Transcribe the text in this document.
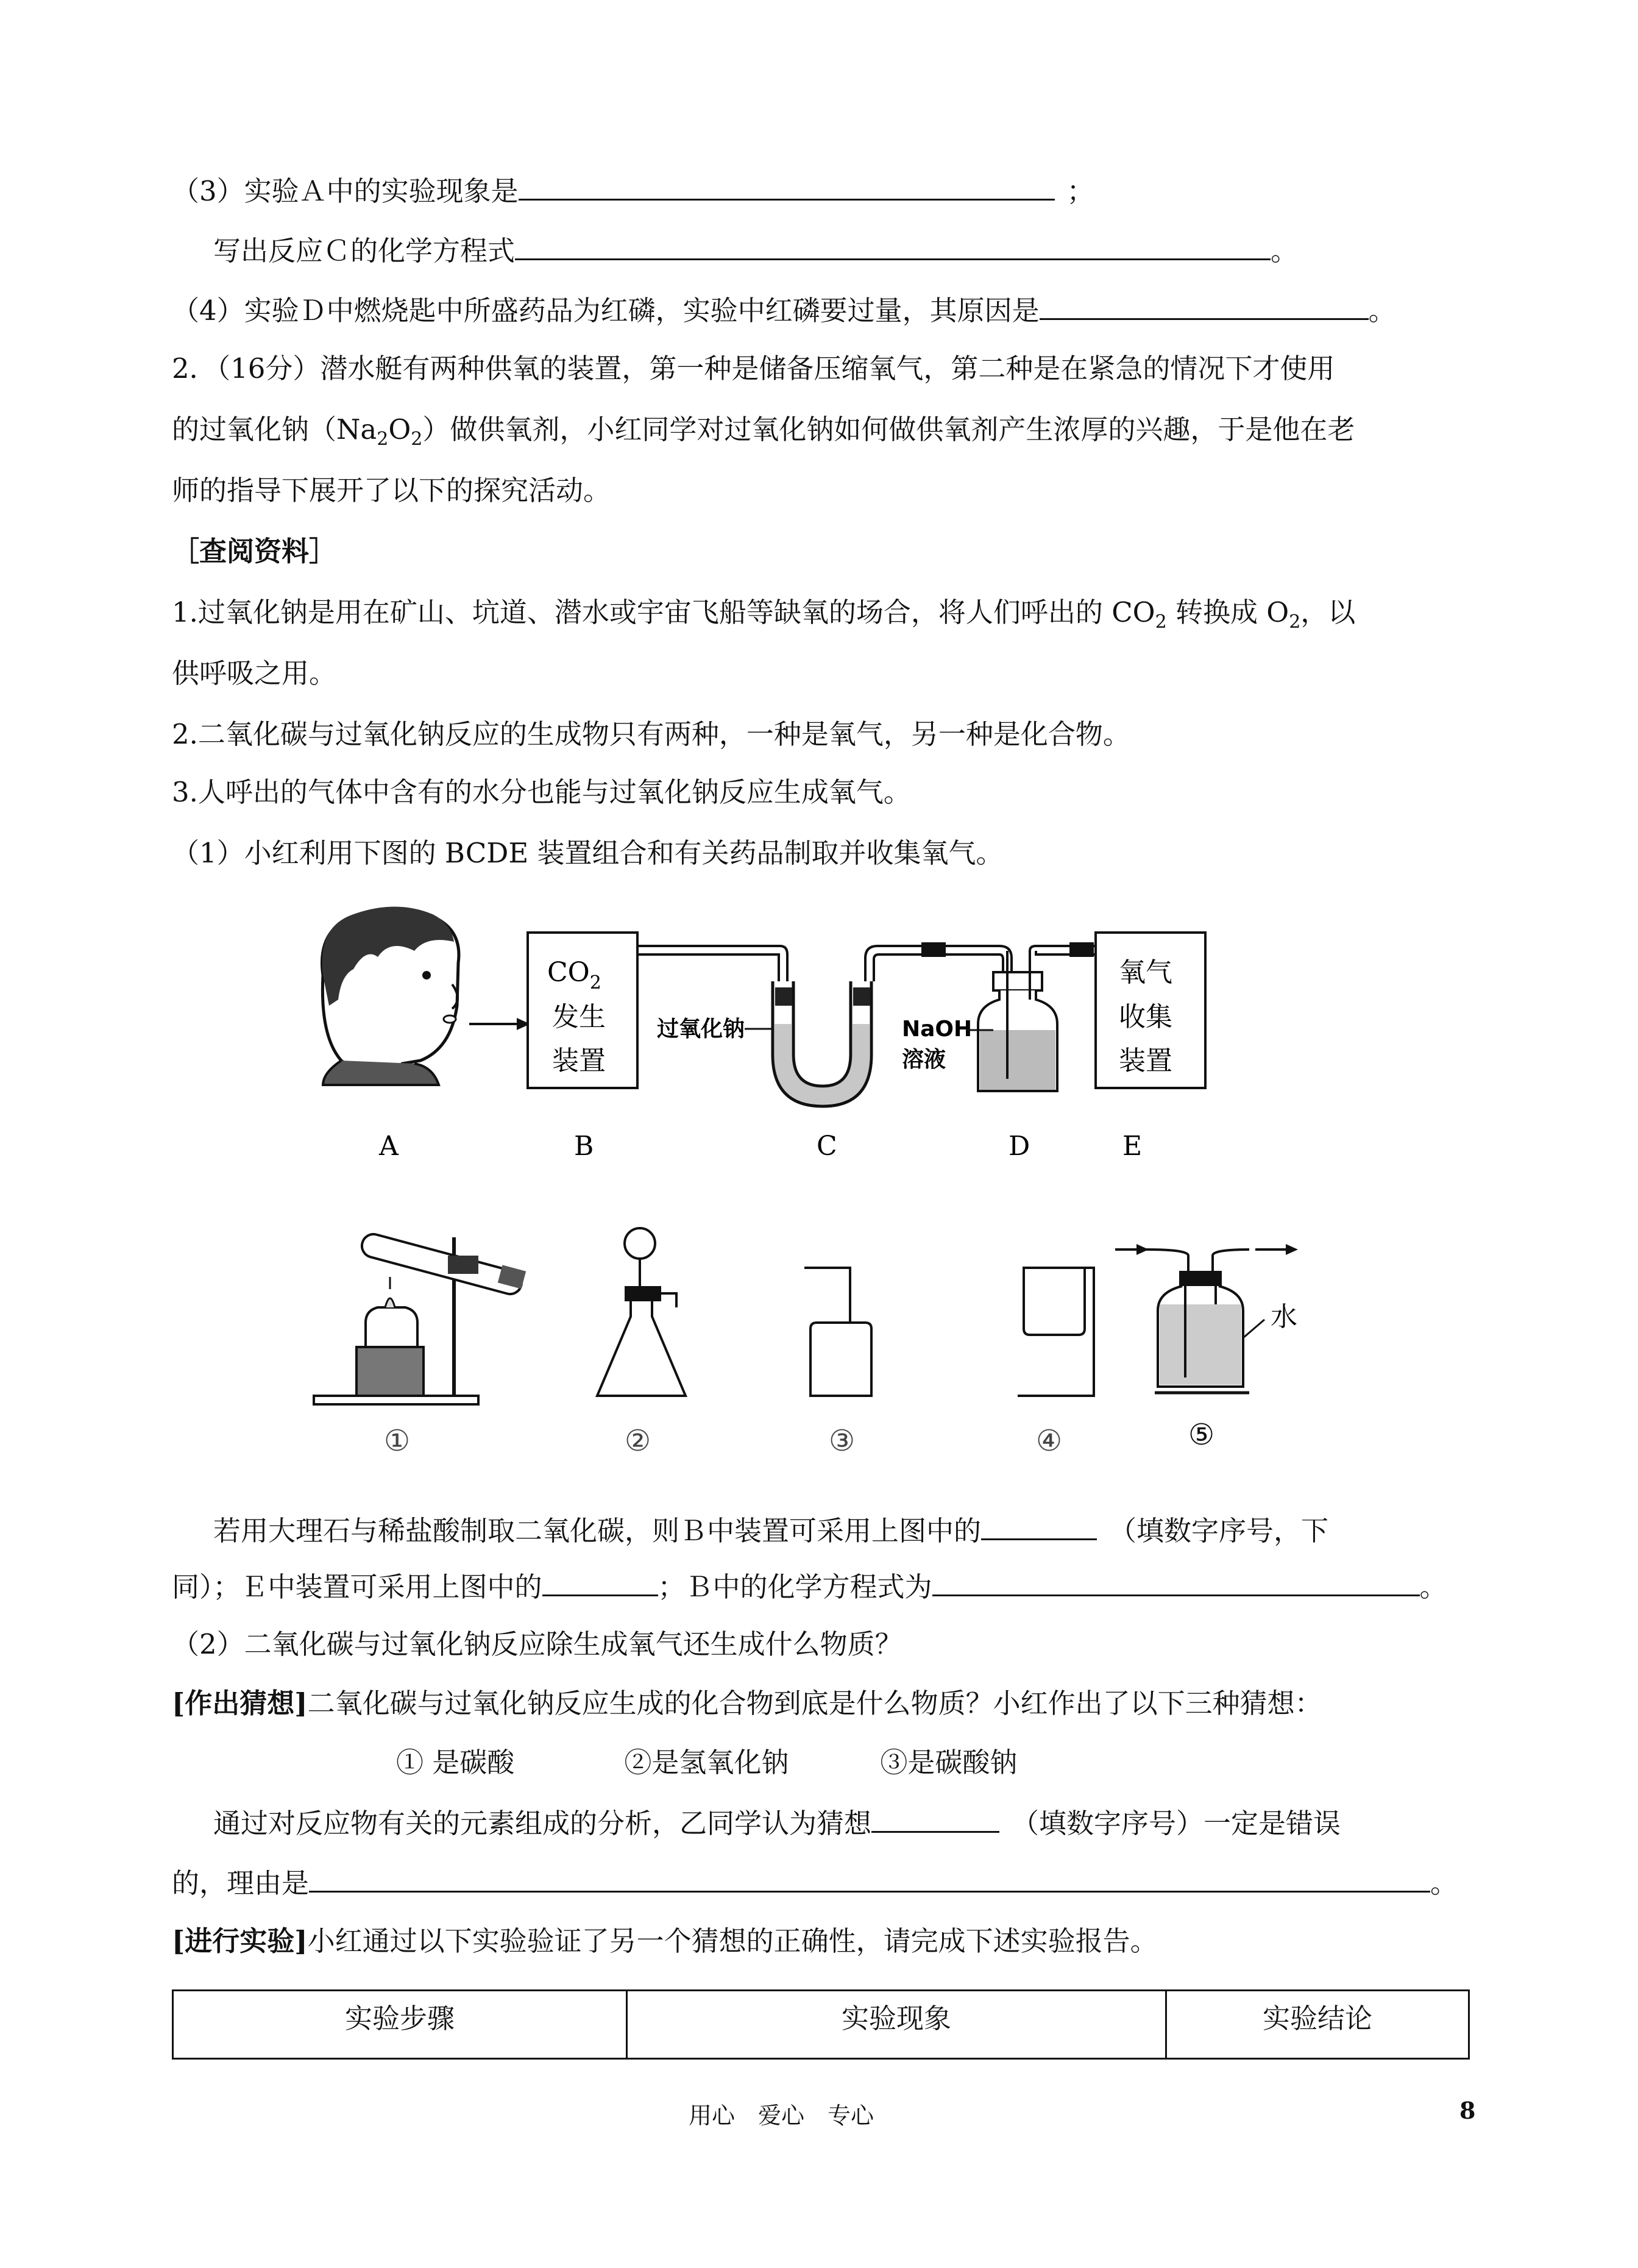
（3）实验Ａ中的实验现象是	；
写出反应Ｃ的化学方程式	。
（4）实验Ｄ中燃烧匙中所盛药品为红磷，实验中红磷要过量，其原因是	。
2．（16分）潜水艇有两种供氧的装置，第一种是储备压缩氧气，第二种是在紧急的情况下才使用
的过氧化钠$(Na_2O_2)$做供氧剂，小红同学对过氧化钠如何做供氧剂产生浓厚的兴趣，于是他在老
师的指导下展开了以下的探究活动。
［查阅资料］
1.过氧化钠是用在矿山、坑道、潜水或宇宙飞船等缺氧的场合，将人们呼出的 $CO_2$ 转换成 $O_2$，以
供呼吸之用。
2.二氧化碳与过氧化钠反应的生成物只有两种，一种是氧气，另一种是化合物。
3.人呼出的气体中含有的水分也能与过氧化钠反应生成氧气。
（1）小红利用下图的 BCDE 装置组合和有关药品制取并收集氧气。
$CO_2$
发生
装置
过氧化钠	NaOH
溶液
氧气
收集
装置
A	B	C	D	E
水
①	②	③	④	⑤
若用大理石与稀盐酸制取二氧化碳，则Ｂ中装置可采用上图中的	（填数字序号，下
同）；Ｅ中装置可采用上图中的	；Ｂ中的化学方程式为	。
（2）二氧化碳与过氧化钠反应除生成氧气还生成什么物质？
[作出猜想]二氧化碳与过氧化钠反应生成的化合物到底是什么物质？小红作出了以下三种猜想：
① 是碳酸	②是氢氧化钠	③是碳酸钠
通过对反应物有关的元素组成的分析，乙同学认为猜想	（填数字序号）一定是错误
的，理由是	。
[进行实验]小红通过以下实验验证了另一个猜想的正确性，请完成下述实验报告。
实验步骤	实验现象	实验结论
用心　爱心　专心	8
